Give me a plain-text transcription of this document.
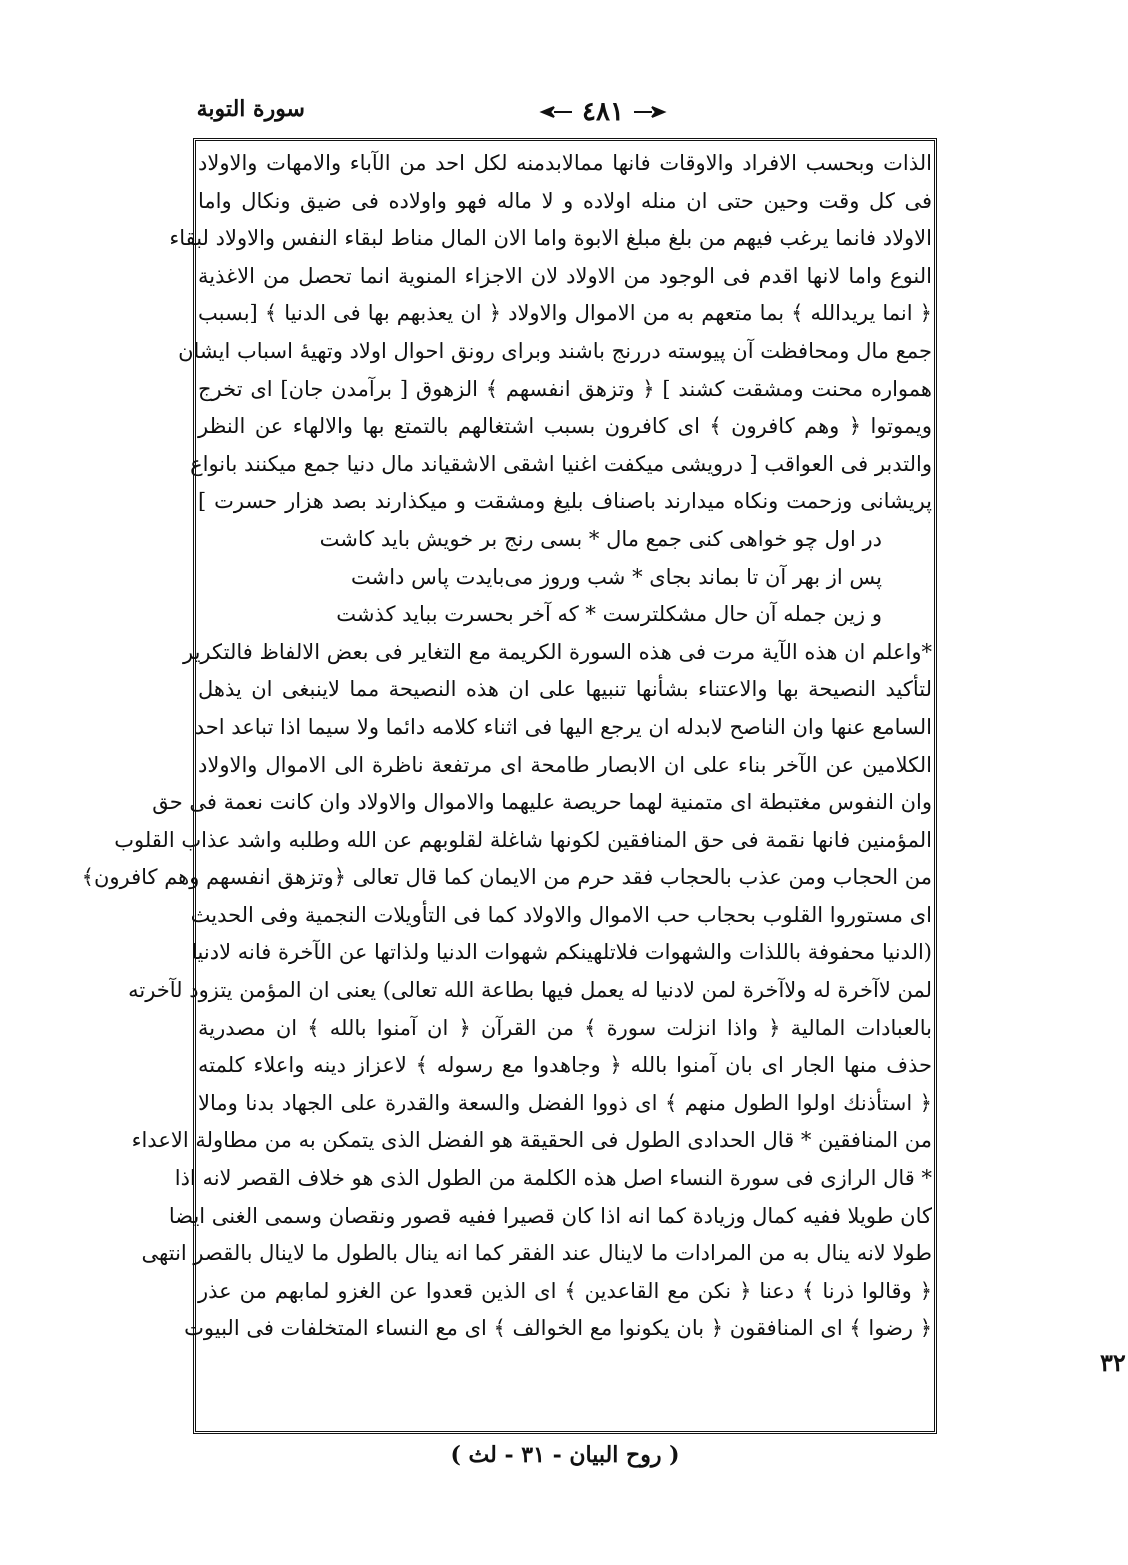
سورة التوبة	٤٨١
الذات وبحسب الافراد والاوقات فانها ممالابدمنه لكل احد من الآباء والامهات والاولاد
فى كل وقت وحين حتى ان منله اولاده و لا ماله فهو واولاده فى ضيق ونكال واما
الاولاد فانما يرغب فيهم من بلغ مبلغ الابوة واما الان المال مناط لبقاء النفس والاولاد لبقاء
النوع واما لانها اقدم فى الوجود من الاولاد لان الاجزاء المنوية انما تحصل من الاغذية
﴿ انما يريدالله ﴾ بما متعهم به من الاموال والاولاد ﴿ ان يعذبهم بها فى الدنيا ﴾ [بسبب
جمع مال ومحافظت آن پيوسته دررنج باشند وبراى رونق احوال اولاد وتهيهٔ اسباب ايشان
همواره محنت ومشقت كشند ] ﴿ وتزهق انفسهم ﴾ الزهوق [ برآمدن جان] اى تخرج
ويموتوا ﴿ وهم كافرون ﴾ اى كافرون بسبب اشتغالهم بالتمتع بها والالهاء عن النظر
والتدبر فى العواقب [ درويشى ميكفت اغنيا اشقى الاشقياند مال دنيا جمع ميكنند بانواع
پريشانى وزحمت ونكاه ميدارند باصناف بليغ ومشقت و ميكذارند بصد هزار حسرت ]
در اول چو خواهى كنى جمع مال * بسى رنج بر خويش بايد كاشت
پس از بهر آن تا بماند بجاى * شب وروز مى‌بايدت پاس داشت
و زين جمله آن حال مشكلترست * كه آخر بحسرت ببايد كذشت
*واعلم ان هذه الآية مرت فى هذه السورة الكريمة مع التغاير فى بعض الالفاظ فالتكرير
لتأكيد النصيحة بها والاعتناء بشأنها تنبيها على ان هذه النصيحة مما لاينبغى ان يذهل
السامع عنها وان الناصح لابدله ان يرجع اليها فى اثناء كلامه دائما ولا سيما اذا تباعد احد
الكلامين عن الآخر بناء على ان الابصار طامحة اى مرتفعة ناظرة الى الاموال والاولاد
وان النفوس مغتبطة اى متمنية لهما حريصة عليهما والاموال والاولاد وان كانت نعمة فى حق
المؤمنين فانها نقمة فى حق المنافقين لكونها شاغلة لقلوبهم عن الله وطلبه واشد عذاب القلوب
من الحجاب ومن عذب بالحجاب فقد حرم من الايمان كما قال تعالى ﴿وتزهق انفسهم وهم كافرون﴾
اى مستوروا القلوب بحجاب حب الاموال والاولاد كما فى التأويلات النجمية وفى الحديث
(الدنيا محفوفة باللذات والشهوات فلاتلهينكم شهوات الدنيا ولذاتها عن الآخرة فانه لادنيا
لمن لاآخرة له ولاآخرة لمن لادنيا له يعمل فيها بطاعة الله تعالى) يعنى ان المؤمن يتزود لآخرته
بالعبادات المالية ﴿ واذا انزلت سورة ﴾ من القرآن ﴿ ان آمنوا بالله ﴾ ان مصدرية
حذف منها الجار اى بان آمنوا بالله ﴿ وجاهدوا مع رسوله ﴾ لاعزاز دينه واعلاء كلمته
﴿ استأذنك اولوا الطول منهم ﴾ اى ذووا الفضل والسعة والقدرة على الجهاد بدنا ومالا
من المنافقين * قال الحدادى الطول فى الحقيقة هو الفضل الذى يتمكن به من مطاولة الاعداء
* قال الرازى فى سورة النساء اصل هذه الكلمة من الطول الذى هو خلاف القصر لانه اذا
كان طويلا ففيه كمال وزيادة كما انه اذا كان قصيرا ففيه قصور ونقصان وسمى الغنى ايضا
طولا لانه ينال به من المرادات ما لاينال عند الفقر كما انه ينال بالطول ما لاينال بالقصر انتهى
﴿ وقالوا ذرنا ﴾ دعنا ﴿ نكن مع القاعدين ﴾ اى الذين قعدوا عن الغزو لمابهم من عذر
﴿ رضوا ﴾ اى المنافقون ﴿ بان يكونوا مع الخوالف ﴾ اى مع النساء المتخلفات فى البيوت
( روح البيان - ٣١ - لث )
٣٢
